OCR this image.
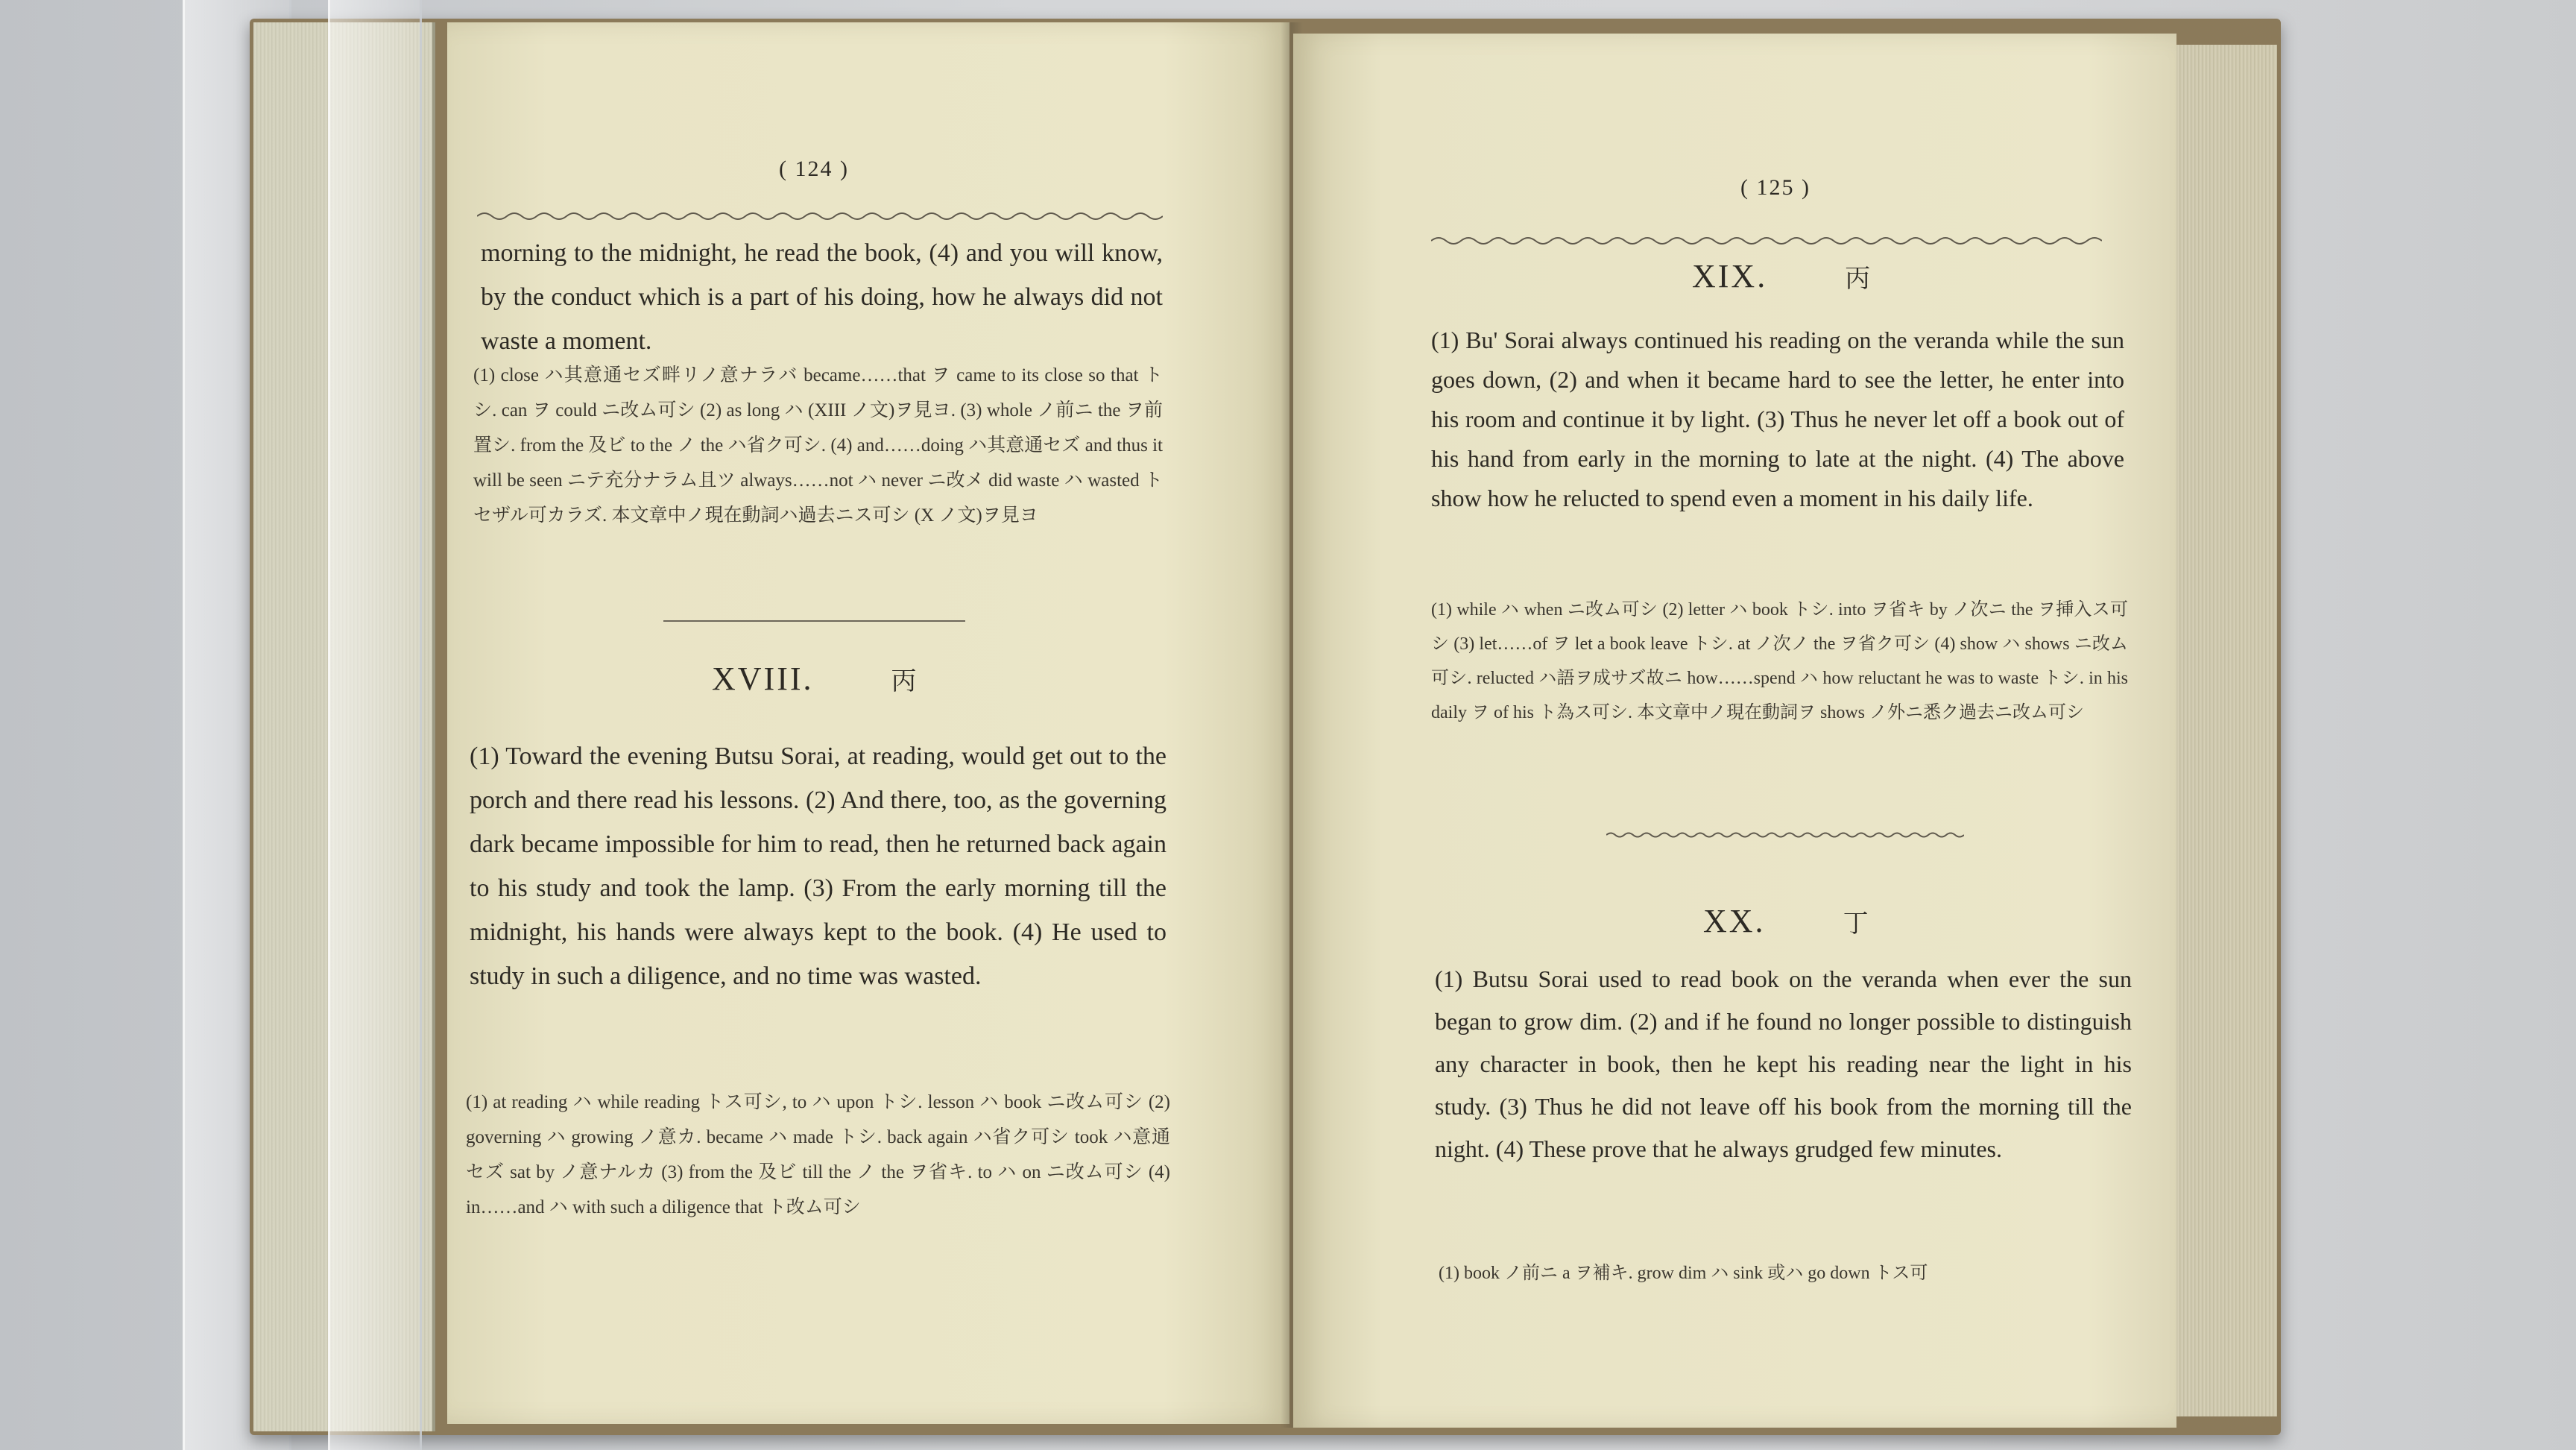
( 124 )

morning to the midnight, he read the book, (4) and you will know, by the conduct which is a part of his doing, how he always did not waste a moment.

(1) close ハ其意通セズ畔リノ意ナラバ became……that ヲ came to its close so that トシ. can ヲ could ニ改ム可シ (2) as long ハ (XIII ノ文)ヲ見ヨ. (3) whole ノ前ニ the ヲ前置シ. from the 及ビ to the ノ the ハ省ク可シ. (4) and……doing ハ其意通セズ and thus it will be seen ニテ充分ナラム且ツ always……not ハ never ニ改メ did waste ハ wasted トセザル可カラズ. 本文章中ノ現在動詞ハ過去ニス可シ (X ノ文)ヲ見ヨ

XVIII.	丙

(1) Toward the evening Butsu Sorai, at reading, would get out to the porch and there read his lessons. (2) And there, too, as the governing dark became impossible for him to read, then he returned back again to his study and took the lamp. (3) From the early morning till the midnight, his hands were always kept to the book. (4) He used to study in such a diligence, and no time was wasted.

(1) at reading ハ while reading トス可シ, to ハ upon トシ. lesson ハ book ニ改ム可シ (2) governing ハ growing ノ意カ. became ハ made トシ. back again ハ省ク可シ took ハ意通セズ sat by ノ意ナルカ (3) from the 及ビ till the ノ the ヲ省キ. to ハ on ニ改ム可シ (4) in……and ハ with such a diligence that ト改ム可シ

( 125 )
XIX.	丙

(1) Bu' Sorai always continued his reading on the veranda while the sun goes down, (2) and when it became hard to see the letter, he enter into his room and continue it by light. (3) Thus he never let off a book out of his hand from early in the morning to late at the night. (4) The above show how he relucted to spend even a moment in his daily life.

(1) while ハ when ニ改ム可シ (2) letter ハ book トシ. into ヲ省キ by ノ次ニ the ヲ挿入ス可シ (3) let……of ヲ let a book leave トシ. at ノ次ノ the ヲ省ク可シ (4) show ハ shows ニ改ム可シ. relucted ハ語ヲ成サズ故ニ how……spend ハ how reluctant he was to waste トシ. in his daily ヲ of his ト為ス可シ. 本文章中ノ現在動詞ヲ shows ノ外ニ悉ク過去ニ改ム可シ

XX.	丁

(1) Butsu Sorai used to read book on the veranda when ever the sun began to grow dim. (2) and if he found no longer possible to distinguish any character in book, then he kept his reading near the light in his study. (3) Thus he did not leave off his book from the morning till the night. (4) These prove that he always grudged few minutes.

(1) book ノ前ニ a ヲ補キ. grow dim ハ sink 或ハ go down トス可
